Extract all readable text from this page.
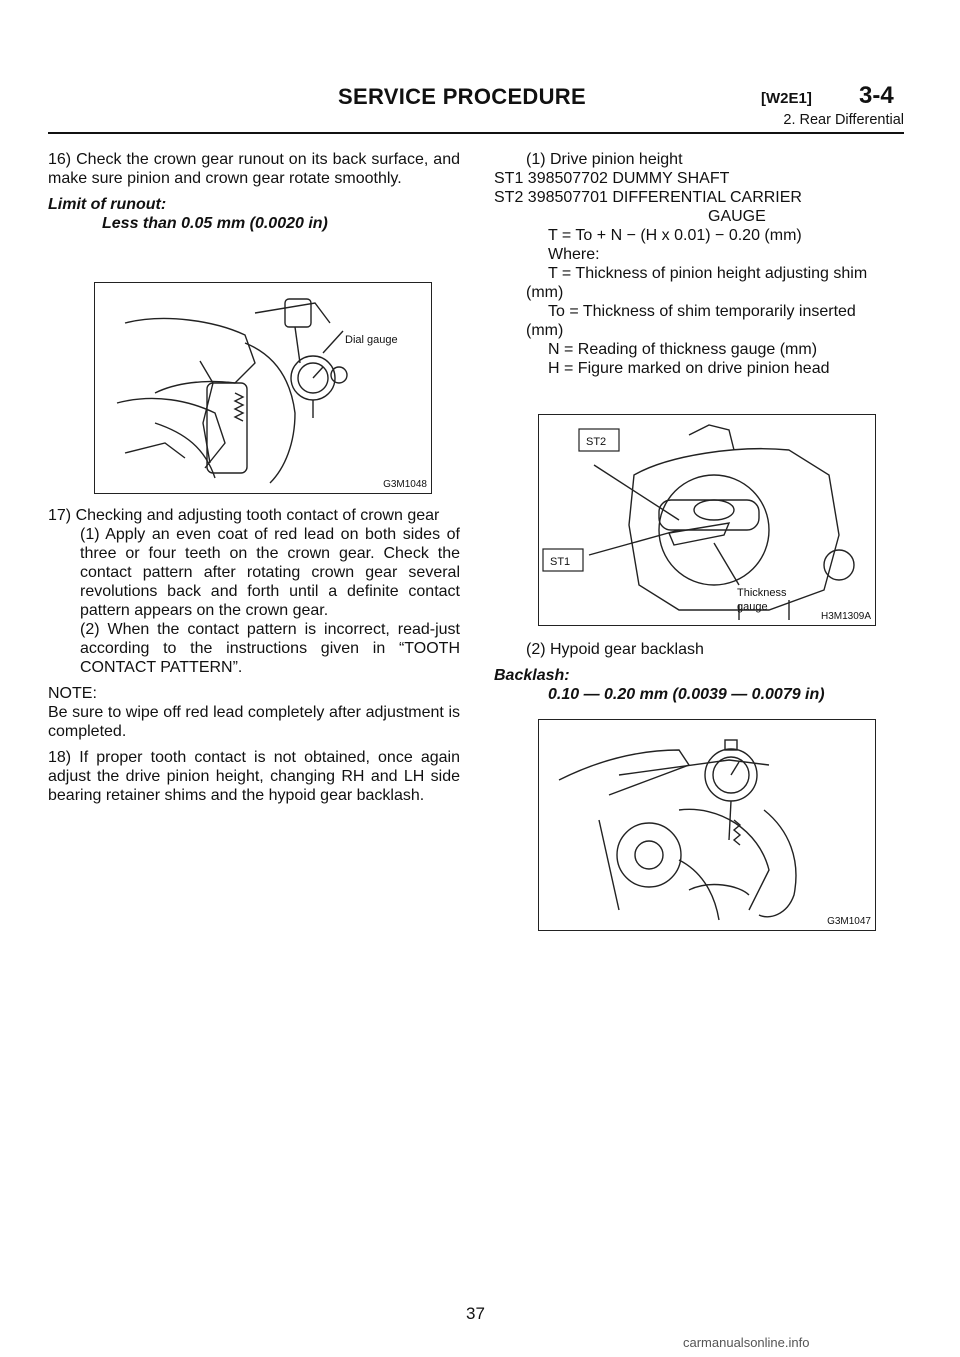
SERVICE PROCEDURE	[W2E1] 3-4
2. Rear Differential

16) Check the crown gear runout on its back surface, and make sure pinion and crown gear rotate smoothly.

Limit of runout:
Less than 0.05 mm (0.0020 in)
Dial gauge
G3M1048

17) Checking and adjusting tooth contact of crown gear

(1) Apply an even coat of red lead on both sides of three or four teeth on the crown gear. Check the contact pattern after rotating crown gear several revolutions back and forth until a definite contact pattern appears on the crown gear.

(2) When the contact pattern is incorrect, read-just according to the instructions given in “TOOTH CONTACT PATTERN”.

NOTE:

Be sure to wipe off red lead completely after adjustment is completed.

18) If proper tooth contact is not obtained, once again adjust the drive pinion height, changing RH and LH side bearing retainer shims and the hypoid gear backlash.

(1) Drive pinion height
ST1 398507702 DUMMY SHAFT
ST2 398507701 DIFFERENTIAL CARRIER
GAUGE
T = To + N − (H x 0.01) − 0.20 (mm)
Where:
T = Thickness of pinion height adjusting shim
(mm)
To = Thickness of shim temporarily inserted
(mm)
N = Reading of thickness gauge (mm)
H = Figure marked on drive pinion head
ST2
ST1
Thickness
gauge
H3M1309A
(2) Hypoid gear backlash
Backlash:
0.10 — 0.20 mm (0.0039 — 0.0079 in)
G3M1047
37
carmanualsonline.info
